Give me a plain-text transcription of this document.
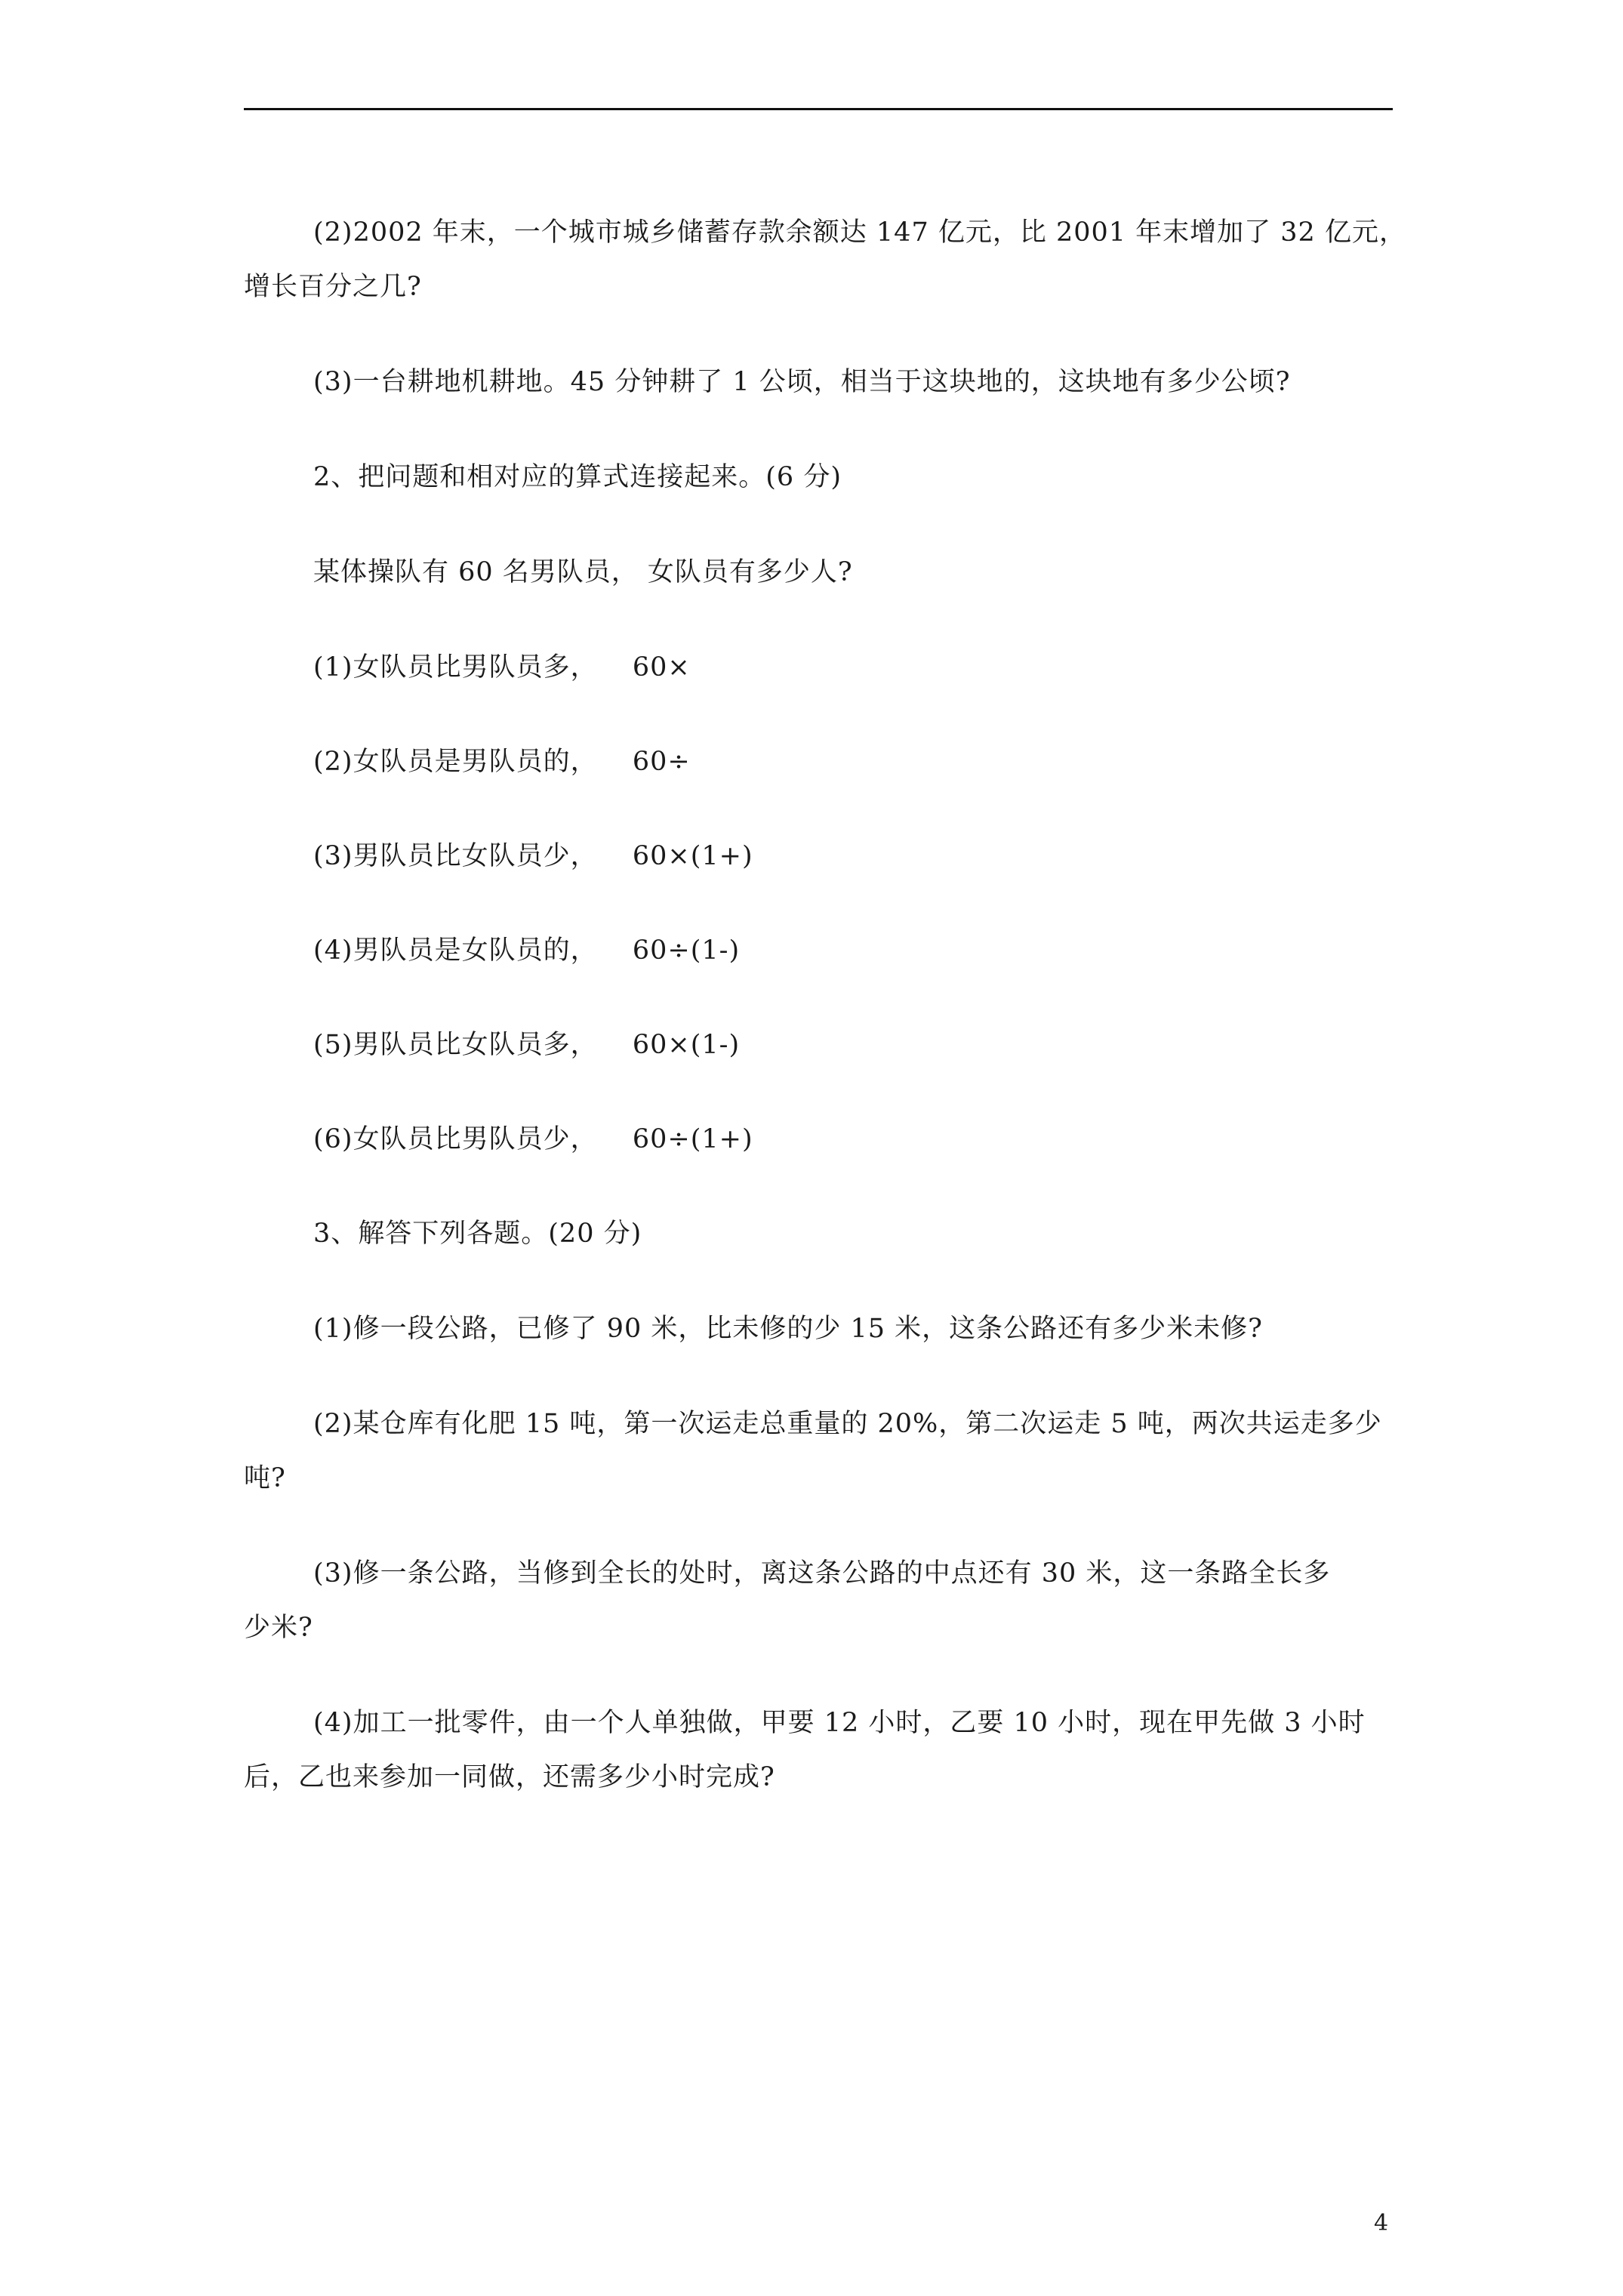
(2)2002 年末，一个城市城乡储蓄存款余额达 147 亿元，比 2001 年末增加了 32 亿元，
增长百分之几?
(3)一台耕地机耕地。45 分钟耕了 1 公顷，相当于这块地的，这块地有多少公顷?
2、把问题和相对应的算式连接起来。(6 分)
某体操队有 60 名男队员， 女队员有多少人?
(1)女队员比男队员多， 60×
(2)女队员是男队员的， 60÷
(3)男队员比女队员少， 60×(1+)
(4)男队员是女队员的， 60÷(1-)
(5)男队员比女队员多， 60×(1-)
(6)女队员比男队员少， 60÷(1+)
3、解答下列各题。(20 分)
(1)修一段公路，已修了 90 米，比未修的少 15 米，这条公路还有多少米未修?
(2)某仓库有化肥 15 吨，第一次运走总重量的 20%，第二次运走 5 吨，两次共运走多少
吨?
(3)修一条公路，当修到全长的处时，离这条公路的中点还有 30 米，这一条路全长多
少米?
(4)加工一批零件，由一个人单独做，甲要 12 小时，乙要 10 小时，现在甲先做 3 小时
后，乙也来参加一同做，还需多少小时完成?
4
